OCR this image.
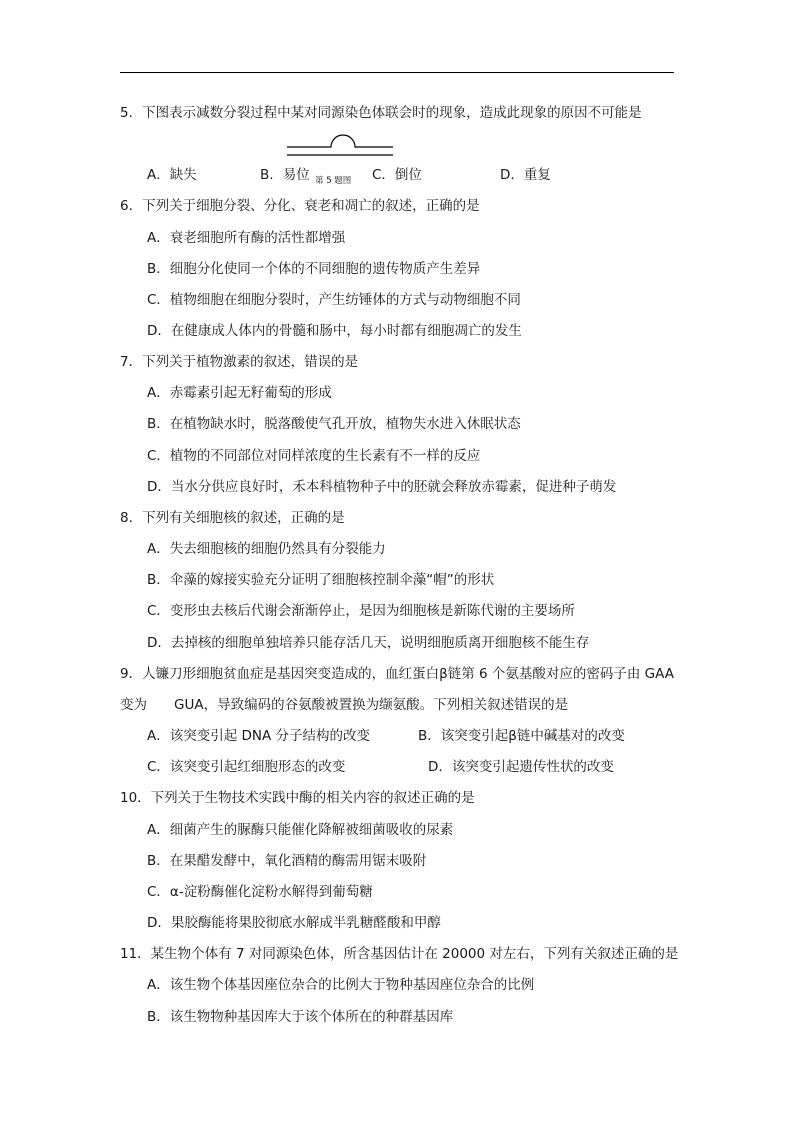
5．下图表示减数分裂过程中某对同源染色体联会时的现象，造成此现象的原因不可能是
A．缺失	B．易位 第 5 题图 C．倒位	D．重复
6．下列关于细胞分裂、分化、衰老和凋亡的叙述，正确的是
A．衰老细胞所有酶的活性都增强
B．细胞分化使同一个体的不同细胞的遗传物质产生差异
C．植物细胞在细胞分裂时，产生纺锤体的方式与动物细胞不同
D．在健康成人体内的骨髓和肠中，每小时都有细胞凋亡的发生
7．下列关于植物激素的叙述，错误的是
A．赤霉素引起无籽葡萄的形成
B．在植物缺水时，脱落酸使气孔开放，植物失水进入休眠状态
C．植物的不同部位对同样浓度的生长素有不一样的反应
D．当水分供应良好时，禾本科植物种子中的胚就会释放赤霉素，促进种子萌发
8．下列有关细胞核的叙述，正确的是
A．失去细胞核的细胞仍然具有分裂能力
B．伞藻的嫁接实验充分证明了细胞核控制伞藻“帽”的形状
C．变形虫去核后代谢会渐渐停止，是因为细胞核是新陈代谢的主要场所
D．去掉核的细胞单独培养只能存活几天，说明细胞质离开细胞核不能生存
9．人镰刀形细胞贫血症是基因突变造成的，血红蛋白β链第 6 个氨基酸对应的密码子由 GAA
变为　　GUA，导致编码的谷氨酸被置换为缬氨酸。下列相关叙述错误的是
A．该突变引起 DNA 分子结构的改变	B．该突变引起β链中碱基对的改变
C．该突变引起红细胞形态的改变	D．该突变引起遗传性状的改变
10．下列关于生物技术实践中酶的相关内容的叙述正确的是
A．细菌产生的脲酶只能催化降解被细菌吸收的尿素
B．在果醋发酵中，氧化酒精的酶需用锯末吸附
C．α-淀粉酶催化淀粉水解得到葡萄糖
D．果胶酶能将果胶彻底水解成半乳糖醛酸和甲醇
11．某生物个体有 7 对同源染色体，所含基因估计在 20000 对左右，下列有关叙述正确的是
A．该生物个体基因座位杂合的比例大于物种基因座位杂合的比例
B．该生物物种基因库大于该个体所在的种群基因库
